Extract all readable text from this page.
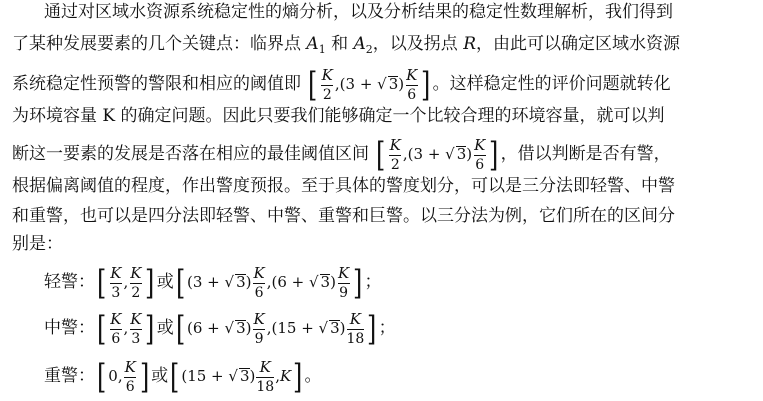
通过对区域水资源系统稳定性的熵分析，以及分析结果的稳定性数理解析，我们得到
了某种发展要素的几个关键点：临界点 $A_1$ 和 $A_2$，以及拐点 R，由此可以确定区域水资源
系统稳定性预警的警限和相应的阈值即 [ $\frac{K}{2} ,(3$ + √ $3) \frac{K}{6}$ ] 。这样稳定性的评价问题就转化
为环境容量 K 的确定问题。因此只要我们能够确定一个比较合理的环境容量，就可以判
断这一要素的发展是否落在相应的最佳阈值区间 [ $\frac{K}{2} ,(3$ + √ $3) \frac{K}{6}$ ] ，借以判断是否有警，
根据偏离阈值的程度，作出警度预报。至于具体的警度划分，可以是三分法即轻警、中警
和重警，也可以是四分法即轻警、中警、重警和巨警。以三分法为例，它们所在的区间分
别是：
轻警：[ $\frac{K}{3}$ , $\frac{K}{2}$ ] 或[ (3 + √ $3) \frac{K}{6} ,(6$ + √ $3) \frac{K}{9}$ ] ；
中警：[ $\frac{K}{6}$ , $\frac{K}{3}$ ] 或[ (6 + √ $3) \frac{K}{9} ,(15$ + √ $3) \frac{K}{18}$ ] ；
重警：[ 0, $\frac{K}{6}$ ] 或[ (15 + √ $3) \frac{K}{18} ,K$] 。
